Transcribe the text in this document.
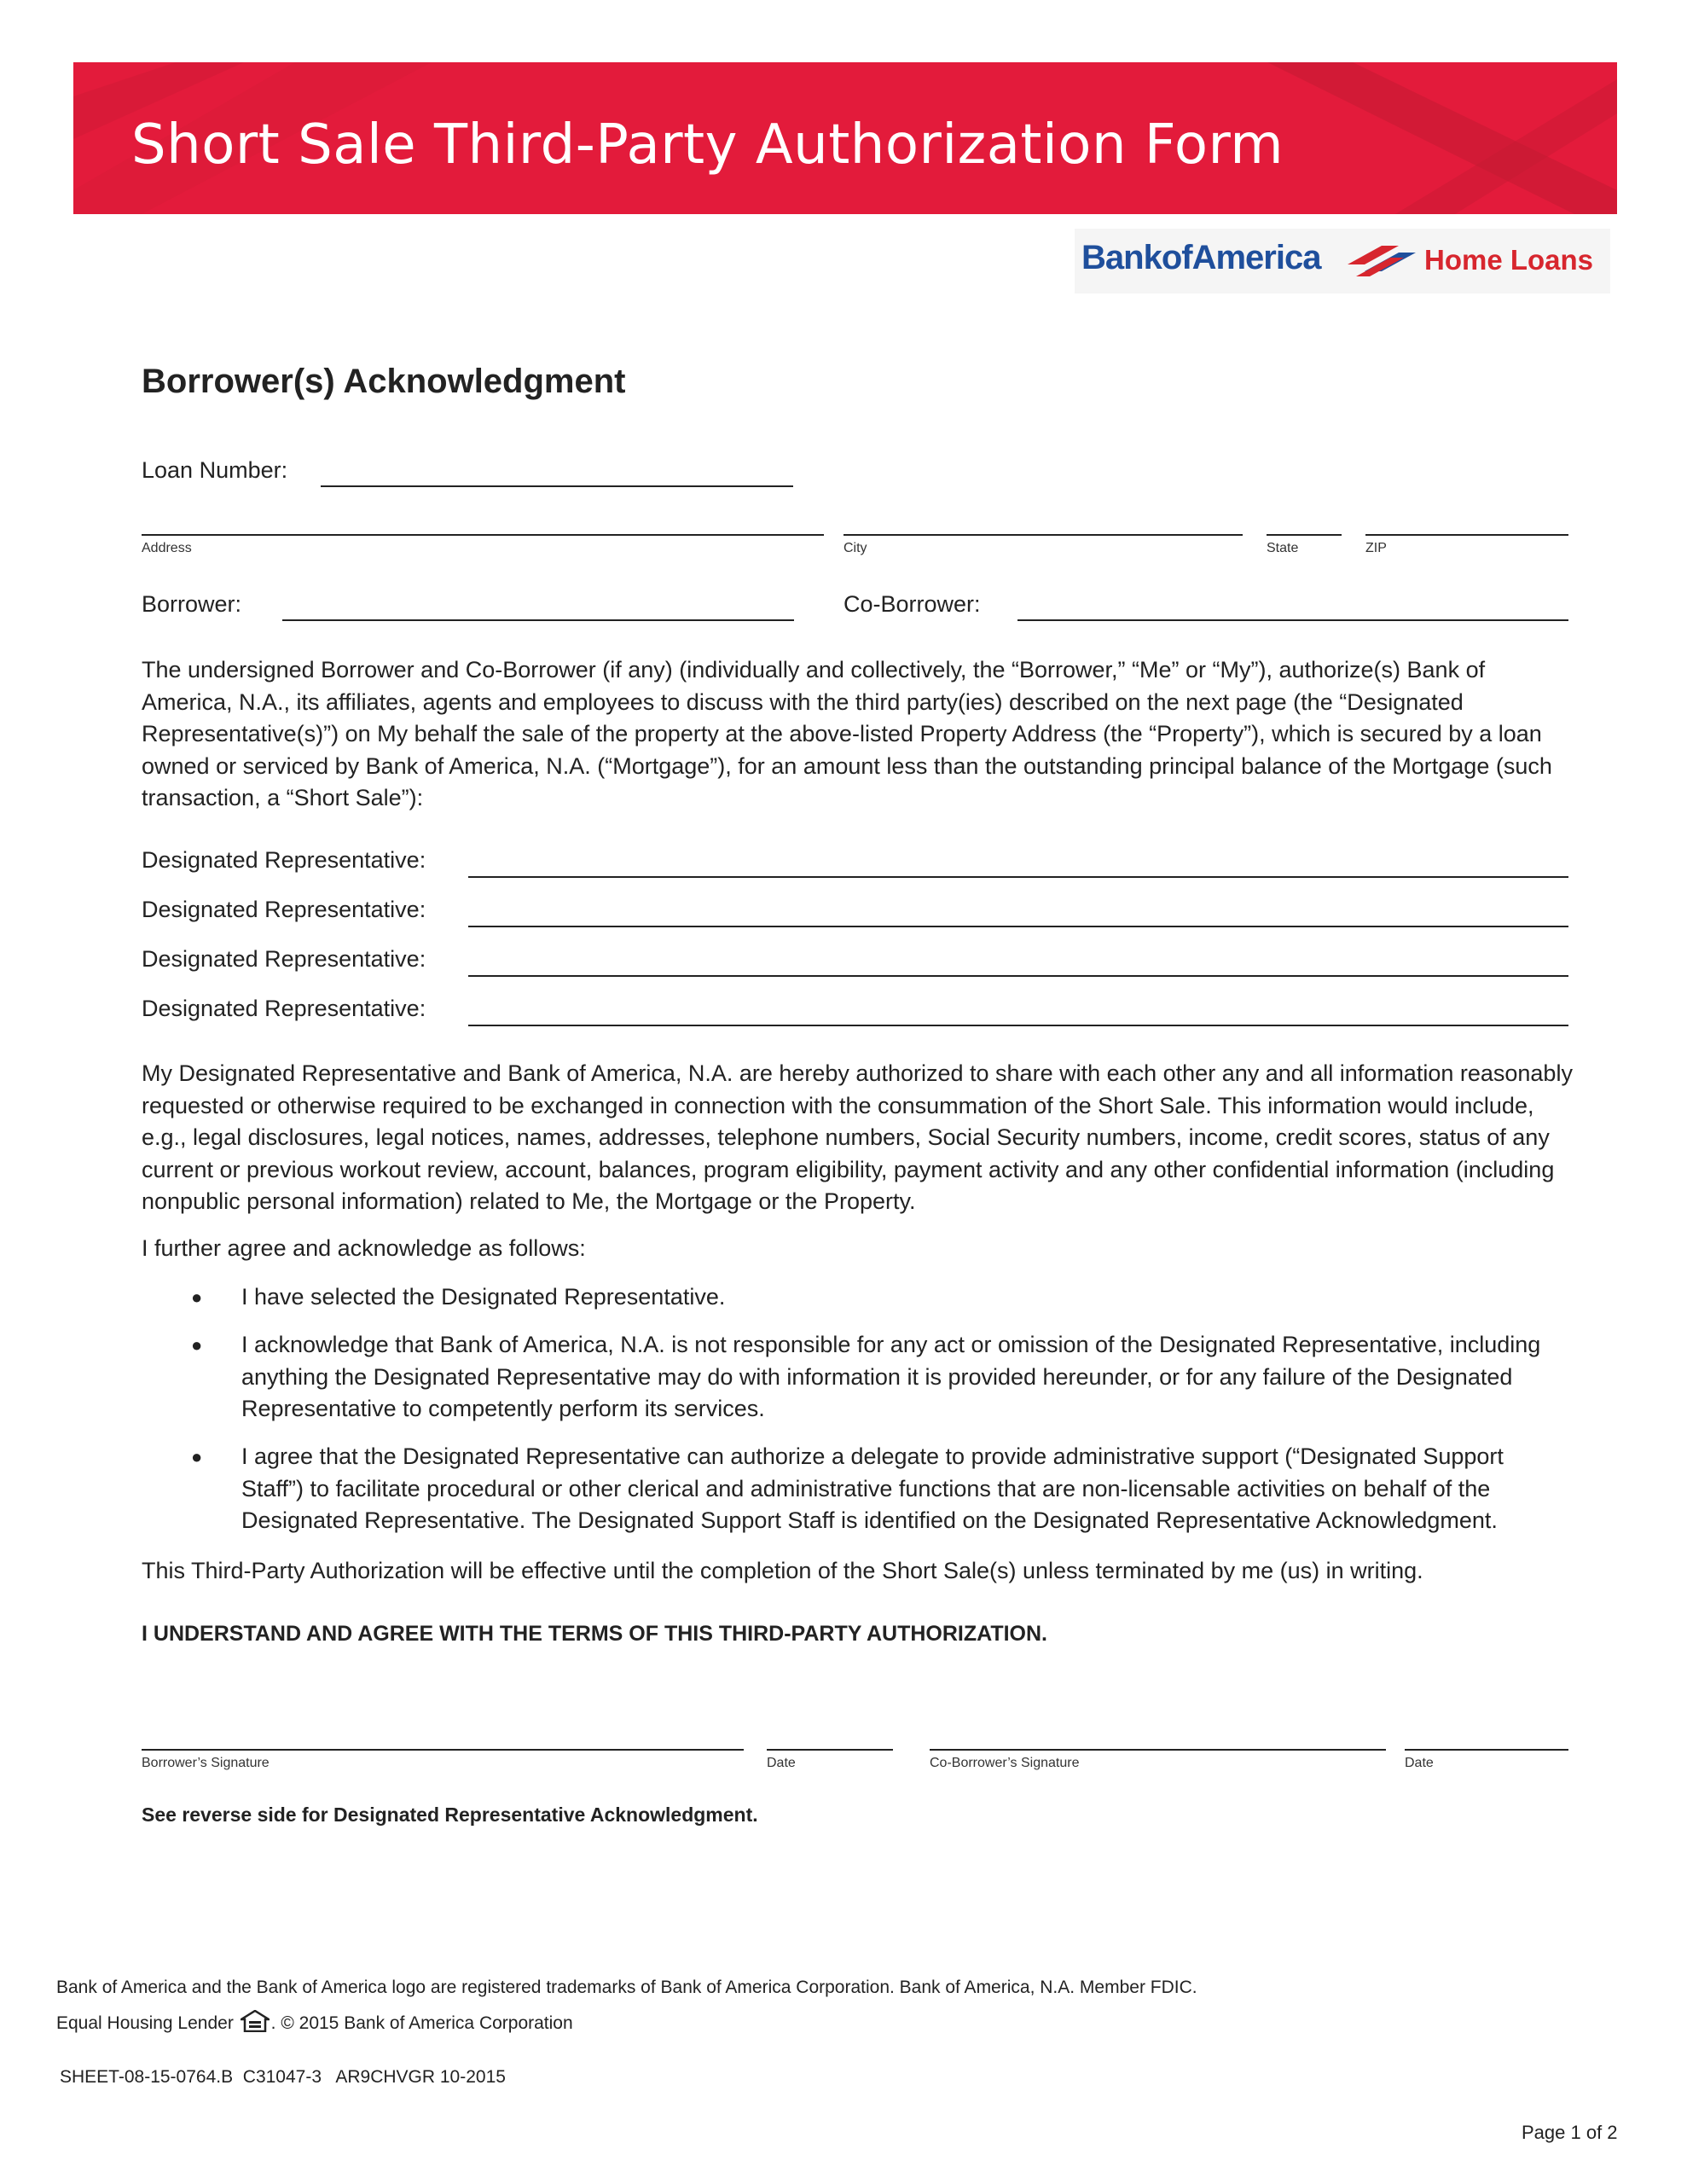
Short Sale Third-Party Authorization Form
BankofAmerica	Home Loans
Borrower(s) Acknowledgment
Loan Number:
Address	City	State	ZIP
Borrower:	Co-Borrower:
The undersigned Borrower and Co-Borrower (if any) (individually and collectively, the “Borrower,” “Me” or “My”), authorize(s) Bank of America, N.A., its affiliates, agents and employees to discuss with the third party(ies) described on the next page (the “Designated Representative(s)”) on My behalf the sale of the property at the above-listed Property Address (the “Property”), which is secured by a loan owned or serviced by Bank of America, N.A. (“Mortgage”), for an amount less than the outstanding principal balance of the Mortgage (such transaction, a “Short Sale”):
Designated Representative:
Designated Representative:
Designated Representative:
Designated Representative:
My Designated Representative and Bank of America, N.A. are hereby authorized to share with each other any and all information reasonably requested or otherwise required to be exchanged in connection with the consummation of the Short Sale. This information would include, e.g., legal disclosures, legal notices, names, addresses, telephone numbers, Social Security numbers, income, credit scores, status of any current or previous workout review, account, balances, program eligibility, payment activity and any other confidential information (including nonpublic personal information) related to Me, the Mortgage or the Property.
I further agree and acknowledge as follows:
● I have selected the Designated Representative.
● I acknowledge that Bank of America, N.A. is not responsible for any act or omission of the Designated Representative, including anything the Designated Representative may do with information it is provided hereunder, or for any failure of the Designated Representative to competently perform its services.
● I agree that the Designated Representative can authorize a delegate to provide administrative support (“Designated Support Staff”) to facilitate procedural or other clerical and administrative functions that are non-licensable activities on behalf of the Designated Representative. The Designated Support Staff is identified on the Designated Representative Acknowledgment.
This Third-Party Authorization will be effective until the completion of the Short Sale(s) unless terminated by me (us) in writing.
I UNDERSTAND AND AGREE WITH THE TERMS OF THIS THIRD-PARTY AUTHORIZATION.
Borrower’s Signature	Date	Co-Borrower’s Signature	Date
See reverse side for Designated Representative Acknowledgment.
Bank of America and the Bank of America logo are registered trademarks of Bank of America Corporation. Bank of America, N.A. Member FDIC.
Equal Housing Lender . © 2015 Bank of America Corporation
SHEET-08-15-0764.B  C31047-3   AR9CHVGR 10-2015
Page 1 of 2
